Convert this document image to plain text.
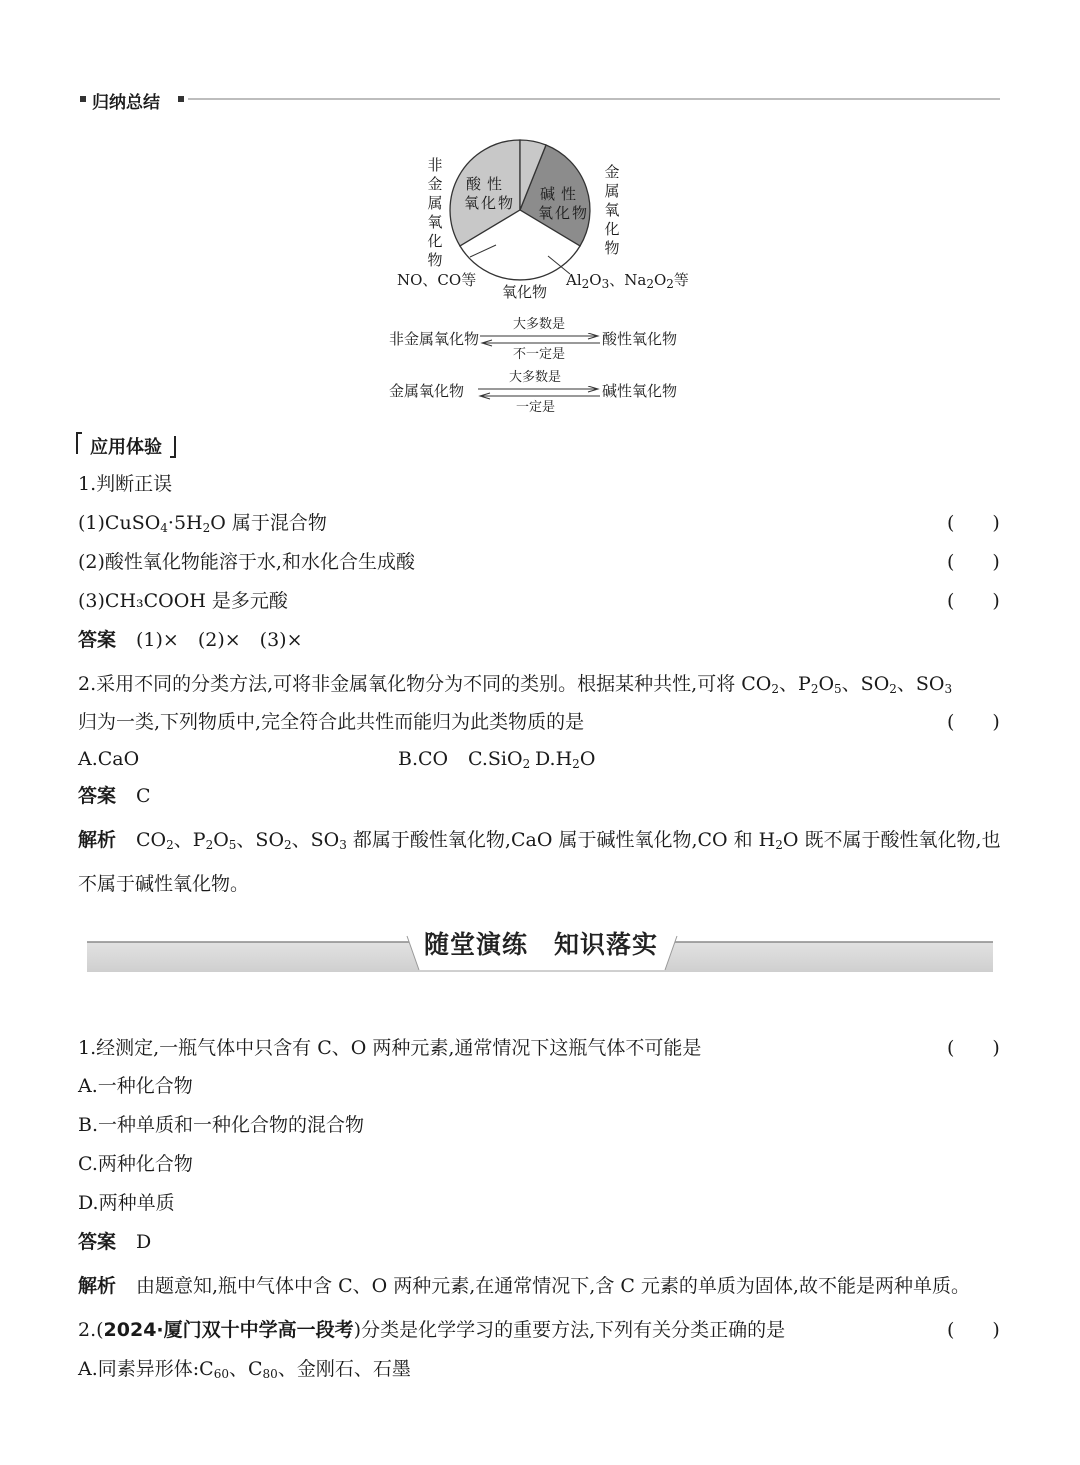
归纳总结
非
金
属
氧
化
物
金
属
氧
化
物
酸性
氧化物 碱性
氧化物
NO、CO等	$Al_2O_3$、$Na_2O_2$等
氧化物
非金属氧化物
大多数是
不一定是
酸性氧化物
金属氧化物
大多数是
一定是
碱性氧化物
应用体验
1.判断正误
$(1)CuSO_4\cdot 5H_2O$ 属于混合物	(　　)
(2)酸性氧化物能溶于水,和水化合生成酸	(　　)
(3)CH₃COOH 是多元酸	(　　)
答案 (1)×　(2)×　(3)×
2.采用不同的分类方法,可将非金属氧化物分为不同的类别。根据某种共性,可将 $CO_2$、$P_2O_5$、$SO_2$、$SO_3$
归为一类,下列物质中,完全符合此共性而能归为此类物质的是	(　　)
A.CaO	B.CO C.SiO$_2$ $D.H_2O$
答案 C
解析 $CO_2$、$P_2O_5$、$SO_2$、$SO_3$ 都属于酸性氧化物,CaO 属于碱性氧化物,CO 和 $H_2O$ 既不属于酸性氧化物,也
不属于碱性氧化物。
随堂演练　知识落实
1.经测定,一瓶气体中只含有 C、O 两种元素,通常情况下这瓶气体不可能是	(　　)
A.一种化合物
B.一种单质和一种化合物的混合物
C.两种化合物
D.两种单质
答案 D
解析 由题意知,瓶中气体中含 C、O 两种元素,在通常情况下,含 C 元素的单质为固体,故不能是两种单质。
2.(2024·厦门双十中学高一段考)分类是化学学习的重要方法,下列有关分类正确的是	(　　)
A.同素异形体$:C_{60}$、$C_{80}$、金刚石、石墨
